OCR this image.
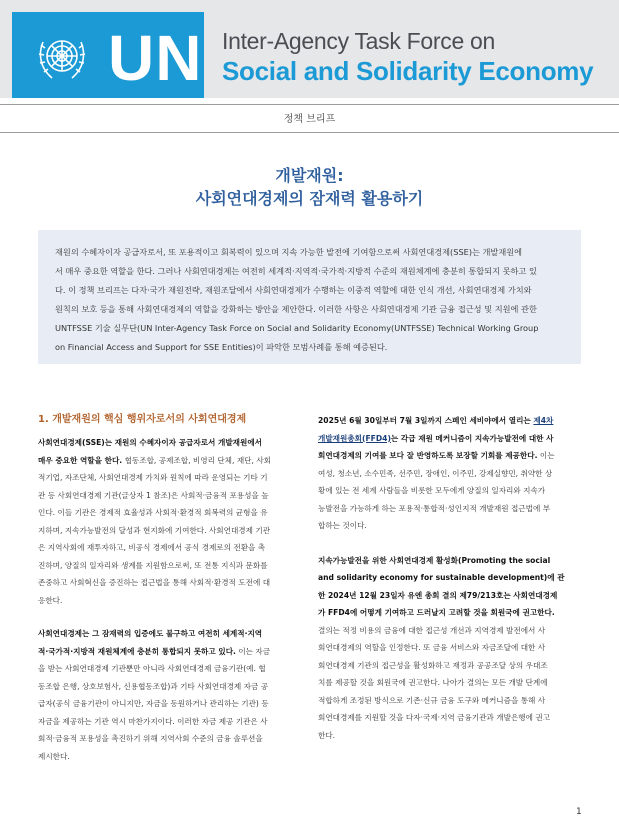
UN Inter-Agency Task Force on
Social and Solidarity Economy
정책 브리프
개발재원:
사회연대경제의 잠재력 활용하기

재원의 수혜자이자 공급자로서, 또 포용적이고 회복력이 있으며 지속 가능한 발전에 기여함으로써 사회연대경제(SSE)는 개발재원에

서 매우 중요한 역할을 한다. 그러나 사회연대경제는 여전히 세계적·지역적·국가적·지방적 수준의 재원체계에 충분히 통합되지 못하고 있

다. 이 정책 브리프는 다자·국가 재원전략, 재원조달에서 사회연대경제가 수행하는 이중적 역할에 대한 인식 개선, 사회연대경제 가치와

원칙의 보호 등을 통해 사회연대경제의 역할을 강화하는 방안을 제안한다. 이러한 사항은 사회연대경제 기관 금융 접근성 및 지원에 관한

UNTFSSE 기술 실무단(UN Inter-Agency Task Force on Social and Solidarity Economy(UNTFSSE) Technical Working Group

on Financial Access and Support for SSE Entities)이 파악한 모범사례를 통해 예증된다.

1. 개발재원의 핵심 행위자로서의 사회연대경제

사회연대경제(SSE)는 재원의 수혜자이자 공급자로서 개발재원에서

매우 중요한 역할을 한다. 협동조합, 공제조합, 비영리 단체, 재단, 사회

적기업, 자조단체, 사회연대경제 가치와 원칙에 따라 운영되는 기타 기

관 등 사회연대경제 기관(글상자 1 참조)은 사회적·금융적 포용성을 높

인다. 이들 기관은 경제적 효율성과 사회적·환경적 회복력의 균형을 유

지하며, 지속가능발전의 달성과 현지화에 기여한다. 사회연대경제 기관

은 지역사회에 재투자하고, 비공식 경제에서 공식 경제로의 전환을 촉

진하며, 양질의 일자리와 생계를 지원함으로써, 또 전통 지식과 문화를

존중하고 사회혁신을 증진하는 접근법을 통해 사회적·환경적 도전에 대

응한다.

사회연대경제는 그 잠재력의 입증에도 불구하고 여전히 세계적·지역

적·국가적·지방적 재원체계에 충분히 통합되지 못하고 있다. 이는 자금

을 받는 사회연대경제 기관뿐만 아니라 사회연대경제 금융기관(예. 협

동조합 은행, 상호보험사, 신용협동조합)과 기타 사회연대경제 자금 공

급자(공식 금융기관이 아니지만, 자금을 동원하거나 관리하는 기관) 등

자금을 제공하는 기관 역시 마찬가지이다. 이러한 자금 제공 기관은 사

회적·금융적 포용성을 촉진하기 위해 지역사회 수준의 금융 솔루션을

제시한다.

2025년 6월 30일부터 7월 3일까지 스페인 세비야에서 열리는 제4차

개발재원총회(FFD4)는 각급 재원 메커니즘이 지속가능발전에 대한 사

회연대경제의 기여를 보다 잘 반영하도록 보장할 기회를 제공한다. 이는

여성, 청소년, 소수민족, 선주민, 장애인, 이주민, 강제실향민, 취약한 상

황에 있는 전 세계 사람들을 비롯한 모두에게 양질의 일자리와 지속가

능발전을 가능하게 하는 포용적·통합적·성인지적 개발재원 접근법에 부

합하는 것이다.

지속가능발전을 위한 사회연대경제 활성화(Promoting the social

and solidarity economy for sustainable development)에 관

한 2024년 12월 23일자 유엔 총회 결의 제79/213호는 사회연대경제

가 FFD4에 어떻게 기여하고 드러날지 고려할 것을 회원국에 권고한다.

결의는 적정 비용의 금융에 대한 접근성 개선과 지역경제 발전에서 사

회연대경제의 역할을 인정한다. 또 금융 서비스와 자금조달에 대한 사

회연대경제 기관의 접근성을 활성화하고 재정과 공공조달 상의 우대조

치를 제공할 것을 회원국에 권고한다. 나아가 결의는 모든 개발 단계에

적합하게 조정된 방식으로 기존·신규 금융 도구와 메커니즘을 통해 사

회연대경제를 지원할 것을 다자·국제·지역 금융기관과 개발은행에 권고

한다.

1
